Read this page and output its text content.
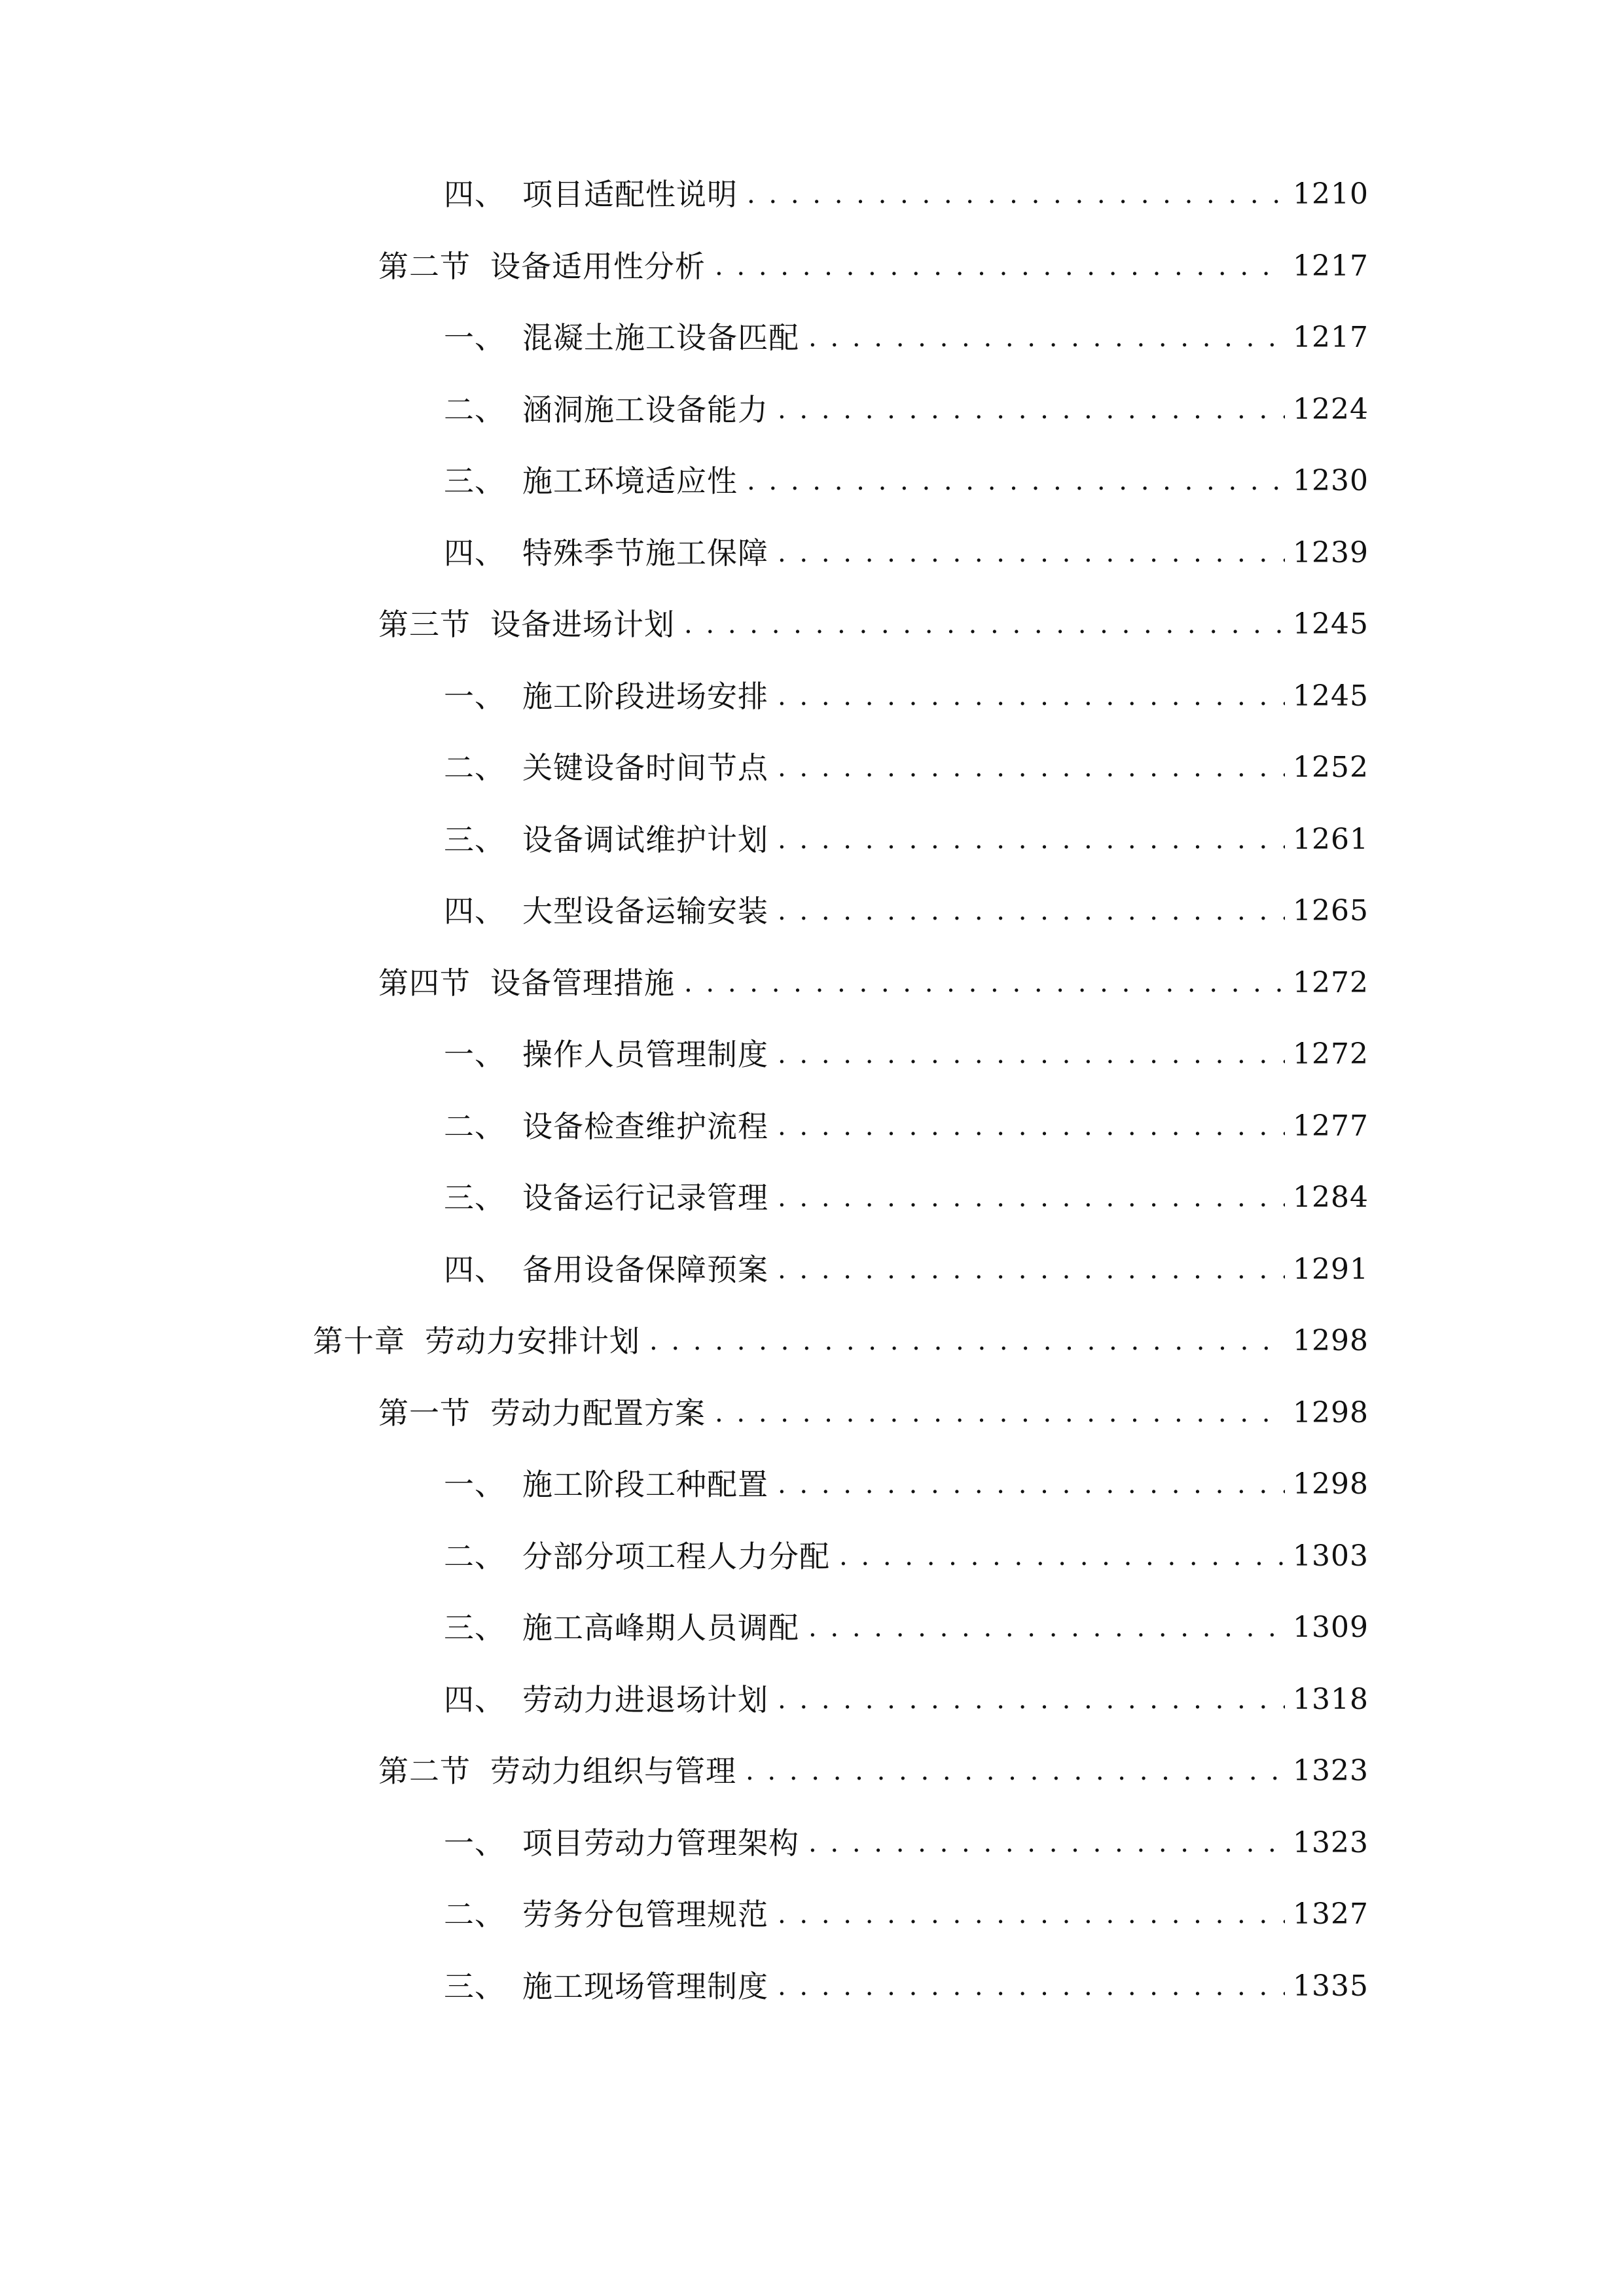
四、 项目适配性说明 . . .	1210
第二节 设备适用性分析 . . .	1217
一、 混凝土施工设备匹配 . . .	1217
二、 涵洞施工设备能力 . . .	1224
三、 施工环境适应性 . . .	1230
四、 特殊季节施工保障 . . .	1239
第三节 设备进场计划 . . .	1245
一、 施工阶段进场安排 . . .	1245
二、 关键设备时间节点 . . .	1252
三、 设备调试维护计划 . . .	1261
四、 大型设备运输安装 . . .	1265
第四节 设备管理措施 . . .	1272
一、 操作人员管理制度 . . .	1272
二、 设备检查维护流程 . . .	1277
三、 设备运行记录管理 . . .	1284
四、 备用设备保障预案 . . .	1291
第十章 劳动力安排计划 . . .	1298
第一节 劳动力配置方案 . . .	1298
一、 施工阶段工种配置 . . .	1298
二、 分部分项工程人力分配 . . .	1303
三、 施工高峰期人员调配 . . .	1309
四、 劳动力进退场计划 . . .	1318
第二节 劳动力组织与管理 . . .	1323
一、 项目劳动力管理架构 . . .	1323
二、 劳务分包管理规范 . . .	1327
三、 施工现场管理制度 . . .	1335
